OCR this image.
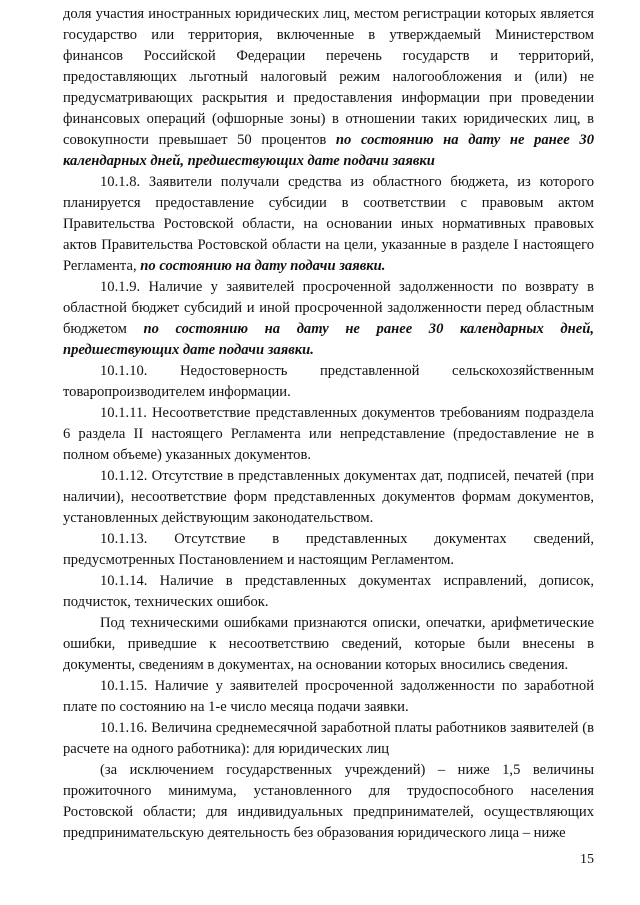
доля участия иностранных юридических лиц, местом регистрации которых является государство или территория, включенные в утверждаемый Министерством финансов Российской Федерации перечень государств и территорий, предоставляющих льготный налоговый режим налогообложения и (или) не предусматривающих раскрытия и предоставления информации при проведении финансовых операций (офшорные зоны) в отношении таких юридических лиц, в совокупности превышает 50 процентов по состоянию на дату не ранее 30 календарных дней, предшествующих дате подачи заявки

10.1.8. Заявители получали средства из областного бюджета, из которого планируется предоставление субсидии в соответствии с правовым актом Правительства Ростовской области, на основании иных нормативных правовых актов Правительства Ростовской области на цели, указанные в разделе I настоящего Регламента, по состоянию на дату подачи заявки.

10.1.9. Наличие у заявителей просроченной задолженности по возврату в областной бюджет субсидий и иной просроченной задолженности перед областным бюджетом по состоянию на дату не ранее 30 календарных дней, предшествующих дате подачи заявки.

10.1.10. Недостоверность представленной сельскохозяйственным товаропроизводителем информации.

10.1.11. Несоответствие представленных документов требованиям подраздела 6 раздела II настоящего Регламента или непредставление (предоставление не в полном объеме) указанных документов.

10.1.12. Отсутствие в представленных документах дат, подписей, печатей (при наличии), несоответствие форм представленных документов формам документов, установленных действующим законодательством.

10.1.13. Отсутствие в представленных документах сведений, предусмотренных Постановлением и настоящим Регламентом.

10.1.14. Наличие в представленных документах исправлений, дописок, подчисток, технических ошибок.

Под техническими ошибками признаются описки, опечатки, арифметические ошибки, приведшие к несоответствию сведений, которые были внесены в документы, сведениям в документах, на основании которых вносились сведения.

10.1.15. Наличие у заявителей просроченной задолженности по заработной плате по состоянию на 1-е число месяца подачи заявки.

10.1.16. Величина среднемесячной заработной платы работников заявителей (в расчете на одного работника): для юридических лиц

(за исключением государственных учреждений) – ниже 1,5 величины прожиточного минимума, установленного для трудоспособного населения Ростовской области; для индивидуальных предпринимателей, осуществляющих предпринимательскую деятельность без образования юридического лица – ниже

15
